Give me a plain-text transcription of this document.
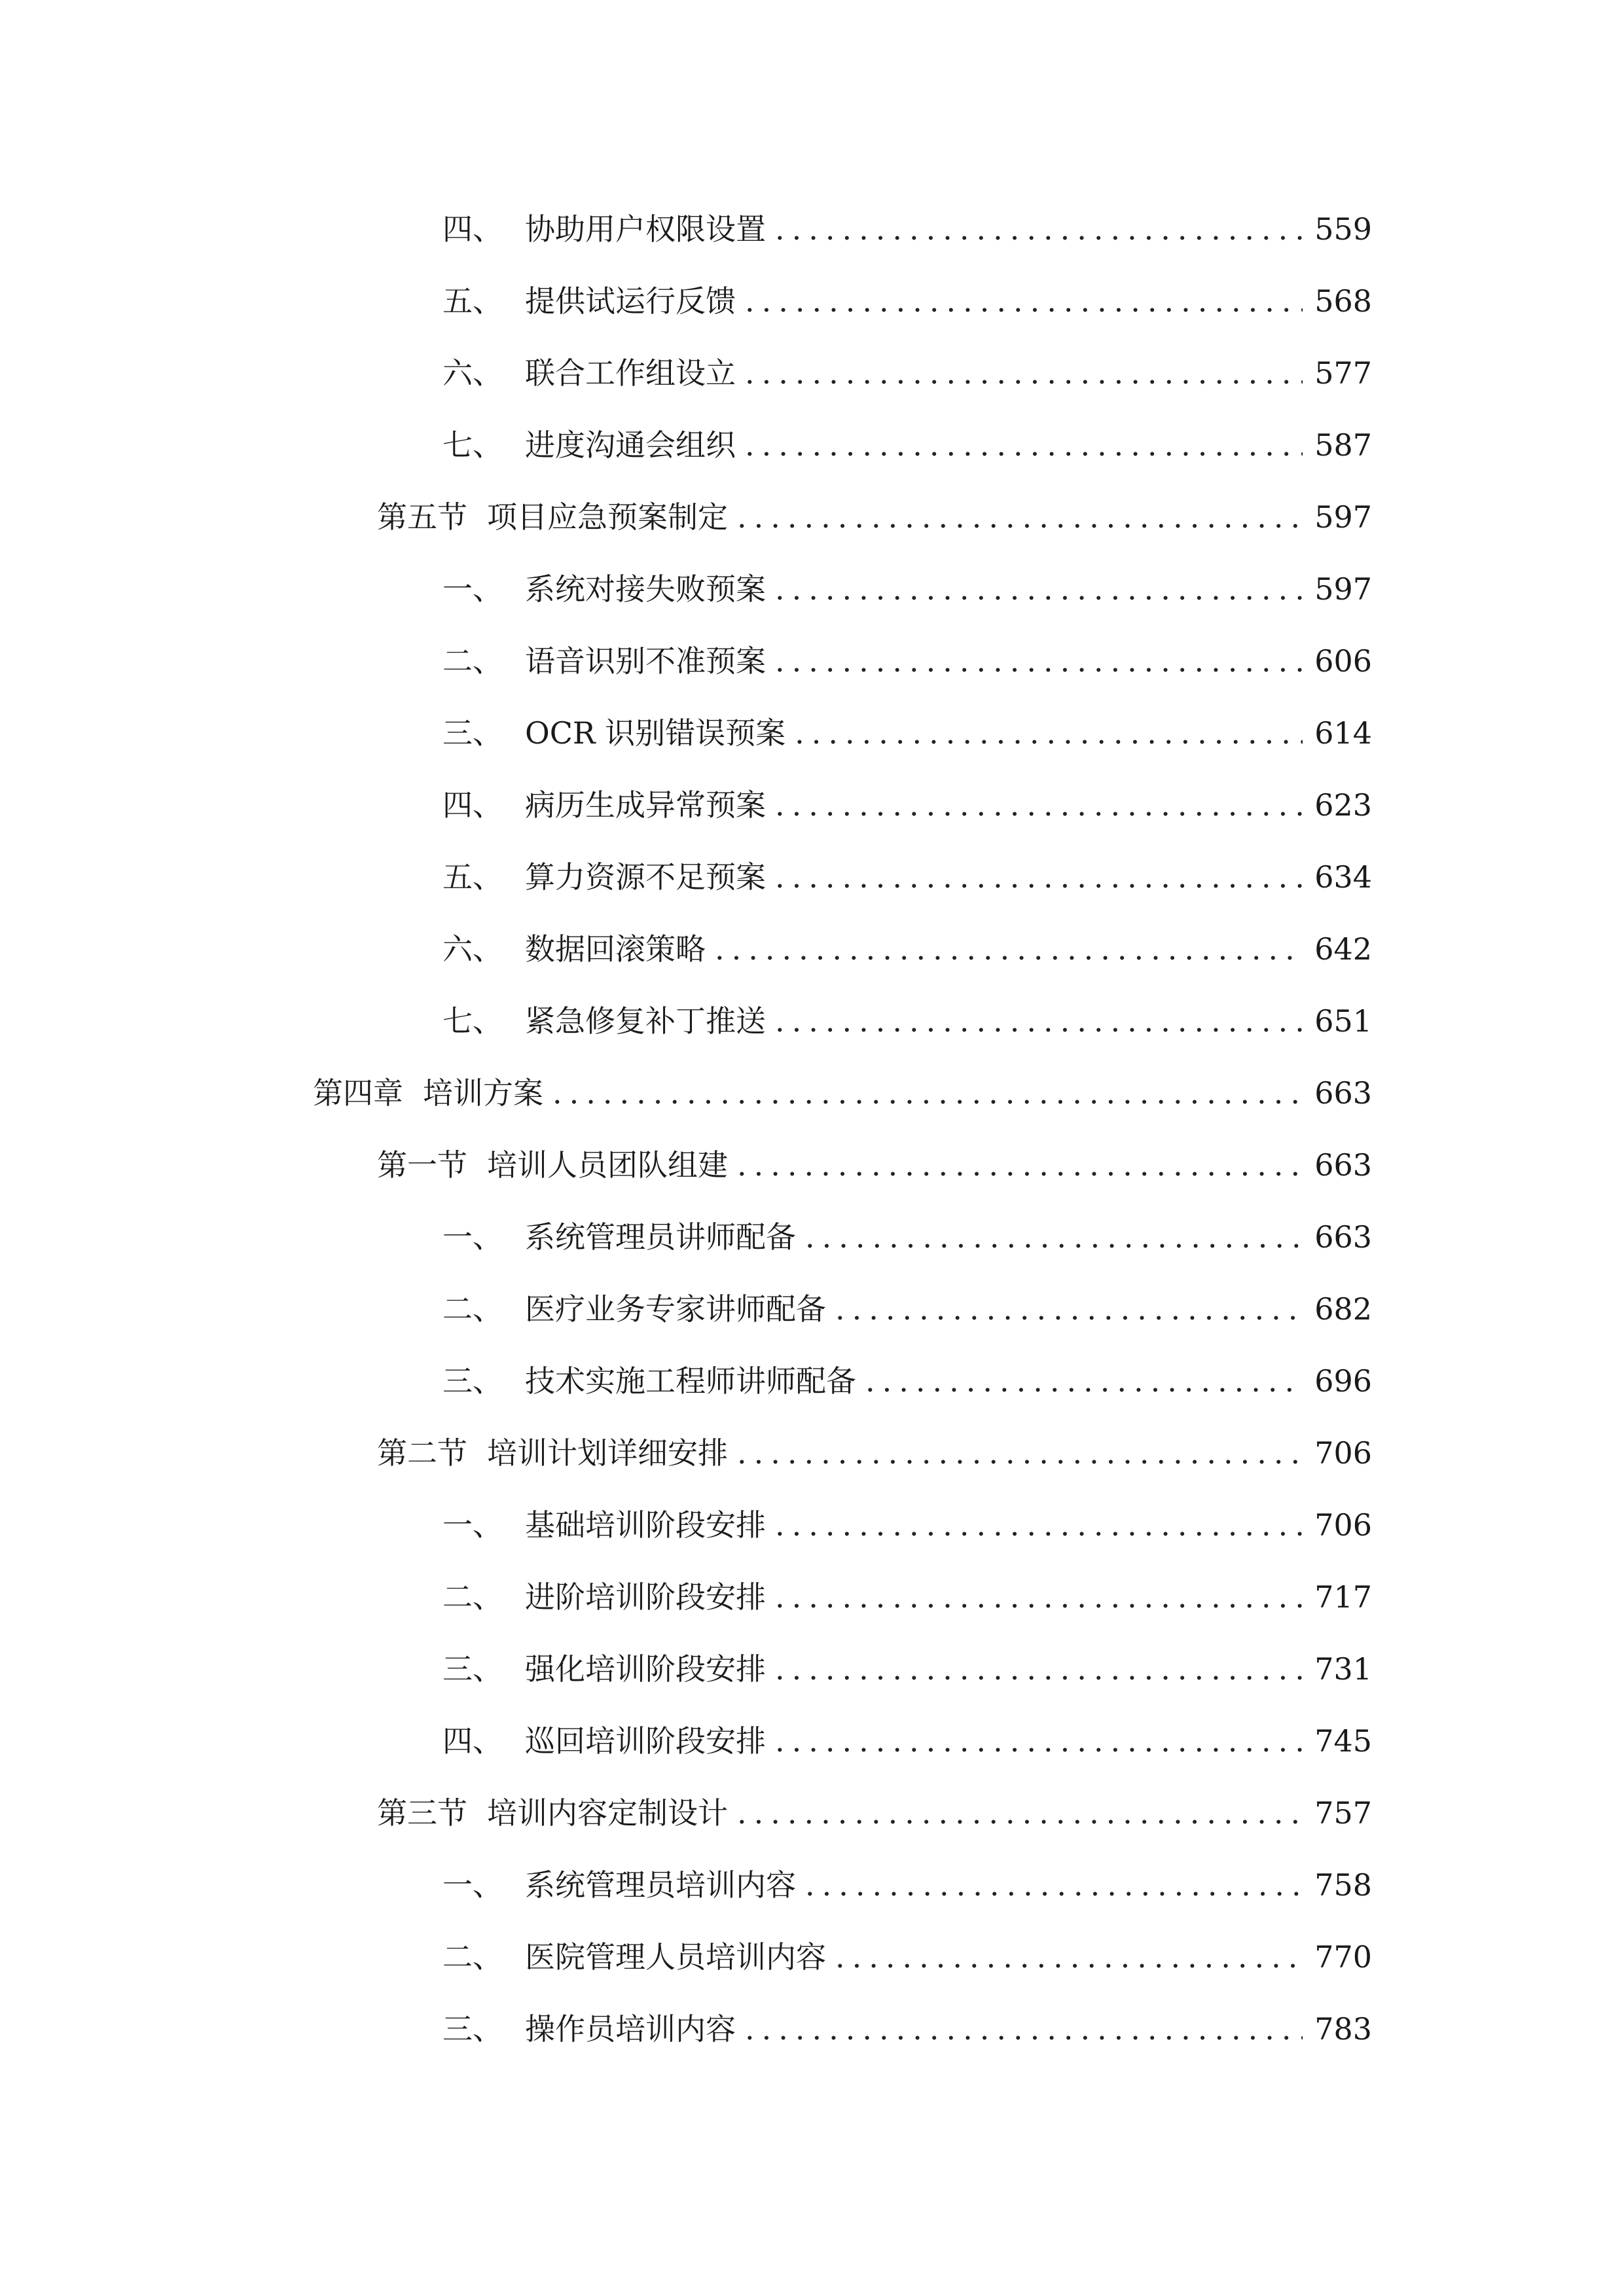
四、 协助用户权限设置 .....	559
五、 提供试运行反馈 .....	568
六、 联合工作组设立 .....	577
七、 进度沟通会组织 .....	587
第五节 项目应急预案制定 .....	597
一、 系统对接失败预案 .....	597
二、 语音识别不准预案 .....	606
三、 OCR 识别错误预案 .....	614
四、 病历生成异常预案 .....	623
五、 算力资源不足预案 .....	634
六、 数据回滚策略 .....	642
七、 紧急修复补丁推送 .....	651
第四章 培训方案 .....	663
第一节 培训人员团队组建 .....	663
一、 系统管理员讲师配备 .....	663
二、 医疗业务专家讲师配备 .....	682
三、 技术实施工程师讲师配备 .....	696
第二节 培训计划详细安排 .....	706
一、 基础培训阶段安排 .....	706
二、 进阶培训阶段安排 .....	717
三、 强化培训阶段安排 .....	731
四、 巡回培训阶段安排 .....	745
第三节 培训内容定制设计 .....	757
一、 系统管理员培训内容 .....	758
二、 医院管理人员培训内容 .....	770
三、 操作员培训内容 .....	783
